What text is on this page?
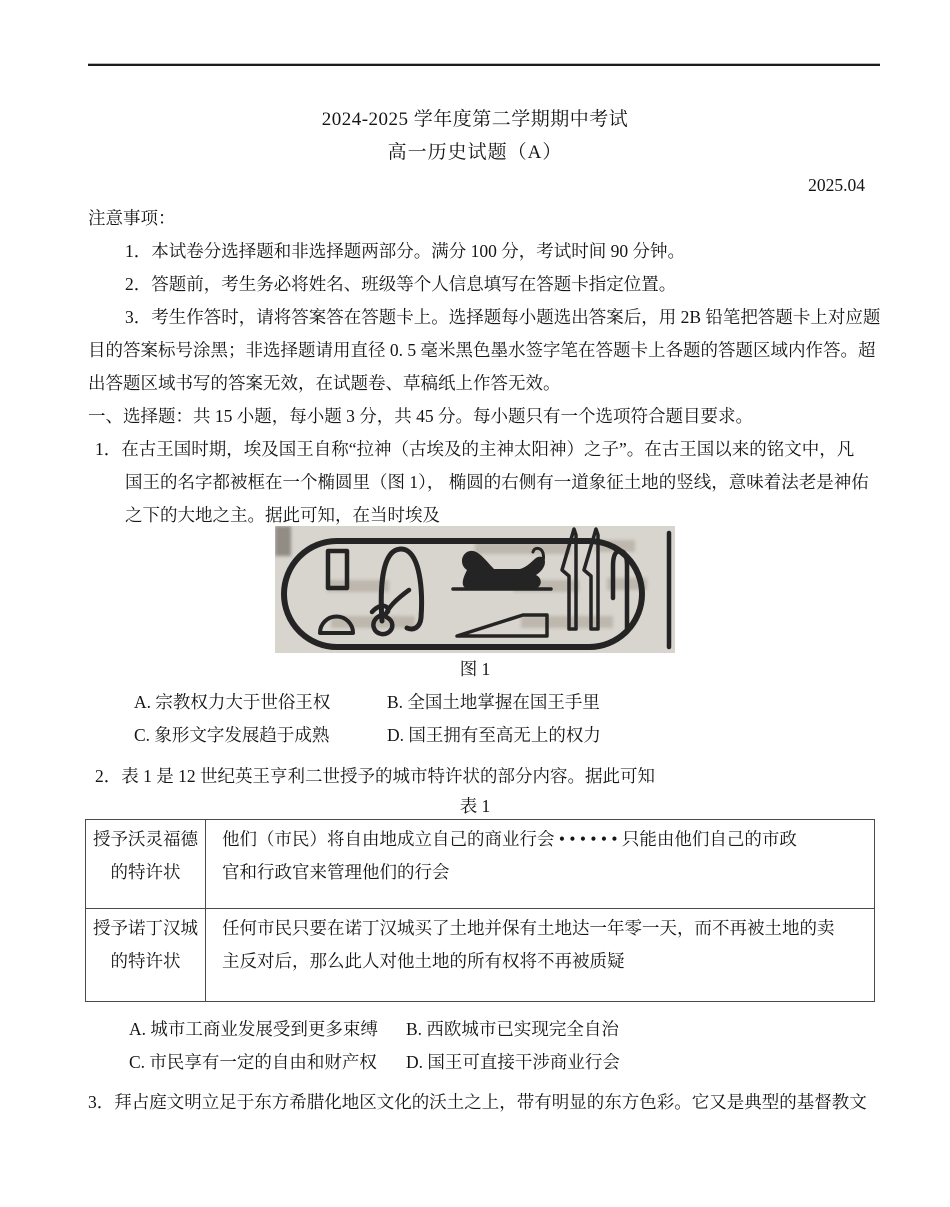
2024-2025 学年度第二学期期中考试
高一历史试题（A）
2025.04
注意事项：
1．本试卷分选择题和非选择题两部分。满分 100 分，考试时间 90 分钟。
2．答题前，考生务必将姓名、班级等个人信息填写在答题卡指定位置。
3．考生作答时，请将答案答在答题卡上。选择题每小题选出答案后，用 2B 铅笔把答题卡上对应题
目的答案标号涂黑；非选择题请用直径 0. 5 毫米黑色墨水签字笔在答题卡上各题的答题区域内作答。超
出答题区域书写的答案无效，在试题卷、草稿纸上作答无效。
一、选择题：共 15 小题，每小题 3 分，共 45 分。每小题只有一个选项符合题目要求。
1．在古王国时期，埃及国王自称“拉神（古埃及的主神太阳神）之子”。在古王国以来的铭文中，凡
国王的名字都被框在一个椭圆里（图 1）， 椭圆的右侧有一道象征土地的竖线，意味着法老是神佑
之下的大地之主。据此可知，在当时埃及
图 1
A. 宗教权力大于世俗王权	B. 全国土地掌握在国王手里
C. 象形文字发展趋于成熟	D. 国王拥有至高无上的权力
2．表 1 是 12 世纪英王亨利二世授予的城市特许状的部分内容。据此可知
表 1
授予沃灵福德
的特许状
他们（市民）将自由地成立自己的商业行会 • • • • • • 只能由他们自己的市政
官和行政官来管理他们的行会
授予诺丁汉城
的特许状
任何市民只要在诺丁汉城买了土地并保有土地达一年零一天，而不再被土地的卖
主反对后，那么此人对他土地的所有权将不再被质疑
A. 城市工商业发展受到更多束缚 B. 西欧城市已实现完全自治
C. 市民享有一定的自由和财产权 D. 国王可直接干涉商业行会
3．拜占庭文明立足于东方希腊化地区文化的沃土之上，带有明显的东方色彩。它又是典型的基督教文
